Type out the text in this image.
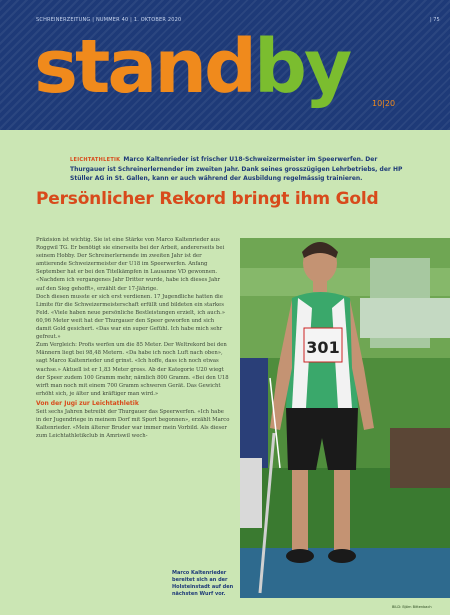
SCHREINERZEITUNG | NUMMER 40 | 1. OKTOBER 2020	| 75
standby	10|20
LEICHTATHLETIK Marco Kaltenrieder ist frischer U18-Schweizermeister im Speerwerfen. Der Thurgauer ist Schreinerlernender im zweiten Jahr. Dank seines grosszügigen Lehrbetriebs, der HP Stüller AG in St. Gallen, kann er auch während der Ausbildung regelmässig trainieren.
Persönlicher Rekord bringt ihm Gold

Präzision ist wichtig. Sie ist eine Stärke von Marco Kaltenrieder aus Roggwil TG. Er benötigt sie einerseits bei der Arbeit, andererseits bei seinem Hobby. Der Schreinerlernende im zweiten Jahr ist der amtierende Schweizermeister der U18 im Speerwerfen. Anfang September hat er bei den Titelkämpfen in Lausanne VD gewonnen. «Nachdem ich vergangenes Jahr Dritter wurde, habe ich dieses Jahr auf den Sieg gehofft», erzählt der 17-Jährige.

Doch diesen musste er sich erst verdienen. 17 Jugendliche hatten die Limite für die Schweizermeisterschaft erfüllt und bildeten ein starkes Feld. «Viele haben neue persönliche Bestleistungen erzielt, ich auch.» 60,96 Meter weit hat der Thurgauer den Speer geworfen und sich damit Gold gesichert. «Das war ein super Gefühl. Ich habe mich sehr gefreut.»

Zum Vergleich: Profis werfen um die 85 Meter. Der Weltrekord bei den Männern liegt bei 98,48 Metern. «Da habe ich noch Luft nach oben», sagt Marco Kaltenrieder und grinst. «Ich hoffe, dass ich noch etwas wachse.» Aktuell ist er 1,83 Meter gross. Ab der Kategorie U20 wiegt der Speer zudem 100 Gramm mehr, nämlich 800 Gramm. «Bei den U18 wirft man noch mit einem 700 Gramm schweren Gerät. Das Gewicht erhöht sich, je älter und kräftiger man wird.»

Von der Jugi zur Leichtathletik

Seit sechs Jahren betreibt der Thurgauer das Speerwerfen. «Ich habe in der Jugendriege in meinem Dorf mit Sport begonnen», erzählt Marco Kaltenrieder. «Mein älterer Bruder war immer mein Vorbild. Als dieser zum Leichtathletikclub in Amriswil wech-

301
Marco Kaltenrieder bereitet sich an der Holsteinstadt auf den nächsten Wurf vor.
BILD: Björn Bittenbach
